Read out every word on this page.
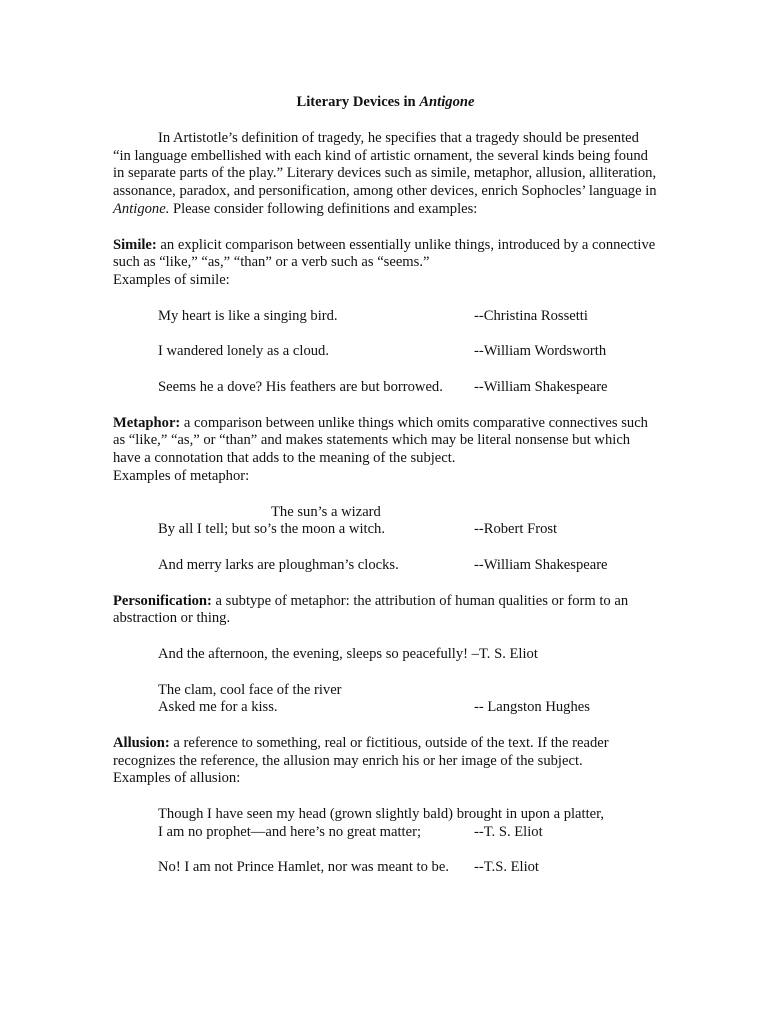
Literary Devices in Antigone

In Artistotle’s definition of tragedy, he specifies that a tragedy should be presented “in language embellished with each kind of artistic ornament, the several kinds being found in separate parts of the play.” Literary devices such as simile, metaphor, allusion, alliteration, assonance, paradox, and personification, among other devices, enrich Sophocles’ language in Antigone. Please consider following definitions and examples:

Simile: an explicit comparison between essentially unlike things, introduced by a connective such as “like,” “as,” “than” or a verb such as “seems.”

Examples of simile:

My heart is like a singing bird.	--Christina Rossetti
I wandered lonely as a cloud.	--William Wordsworth
Seems he a dove? His feathers are but borrowed.	--William Shakespeare

Metaphor: a comparison between unlike things which omits comparative connectives such as “like,” “as,” or “than” and makes statements which may be literal nonsense but which have a connotation that adds to the meaning of the subject.

Examples of metaphor:

The sun’s a wizard
By all I tell; but so’s the moon a witch.	--Robert Frost
And merry larks are ploughman’s clocks.	--William Shakespeare

Personification: a subtype of metaphor: the attribution of human qualities or form to an abstraction or thing.

And the afternoon, the evening, sleeps so peacefully! –T. S. Eliot
The clam, cool face of the river
Asked me for a kiss.	-- Langston Hughes

Allusion: a reference to something, real or fictitious, outside of the text. If the reader recognizes the reference, the allusion may enrich his or her image of the subject.

Examples of allusion:

Though I have seen my head (grown slightly bald) brought in upon a platter,
I am no prophet—and here’s no great matter;	--T. S. Eliot
No! I am not Prince Hamlet, nor was meant to be.	--T.S. Eliot
